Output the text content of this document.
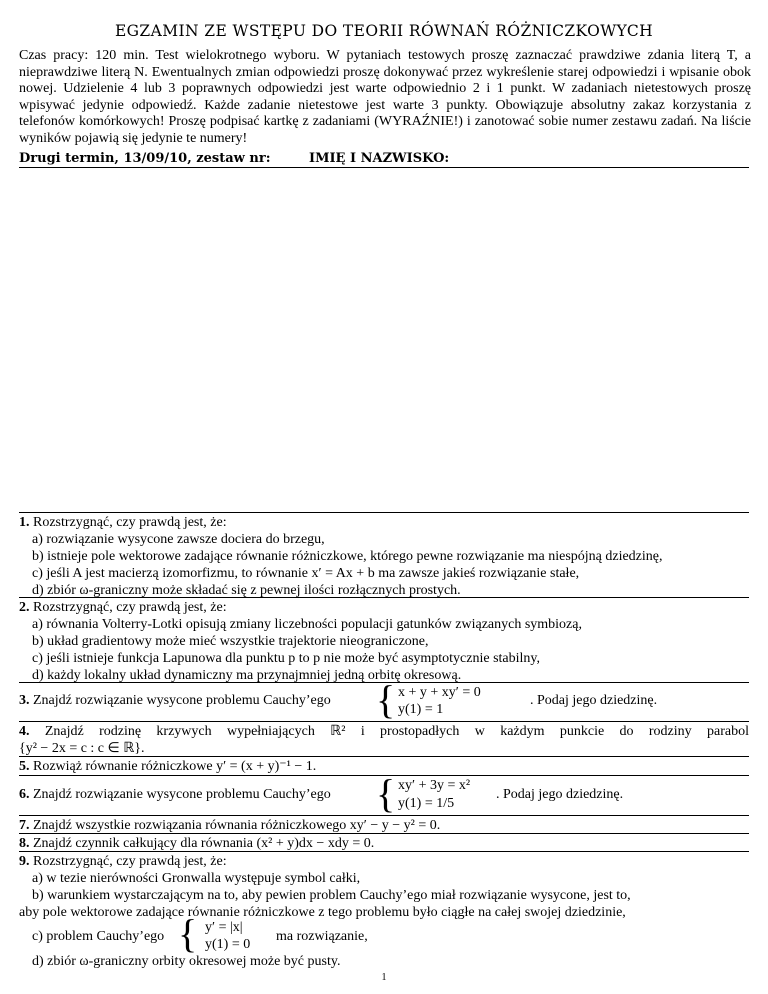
EGZAMIN ZE WSTĘPU DO TEORII RÓWNAŃ RÓŻNICZKOWYCH
Czas pracy: 120 min. Test wielokrotnego wyboru. W pytaniach testowych proszę zaznaczać prawdziwe zdania literą T, a nieprawdziwe literą N. Ewentualnych zmian odpowiedzi proszę dokonywać przez wykreślenie starej odpowiedzi i wpisanie obok nowej. Udzielenie 4 lub 3 poprawnych odpowiedzi jest warte odpowiednio 2 i 1 punkt. W zadaniach nietestowych proszę wpisywać jedynie odpowiedź. Każde zadanie nietestowe jest warte 3 punkty. Obowiązuje absolutny zakaz korzystania z telefonów komórkowych! Proszę podpisać kartkę z zadaniami (WYRAŹNIE!) i zanotować sobie numer zestawu zadań. Na liście wyników pojawią się jedynie te numery!
Drugi termin, 13/09/10, zestaw nr:	IMIĘ I NAZWISKO:
1. Rozstrzygnąć, czy prawdą jest, że:
a) rozwiązanie wysycone zawsze dociera do brzegu,
b) istnieje pole wektorowe zadające równanie różniczkowe, którego pewne rozwiązanie ma niespójną dziedzinę,
c) jeśli A jest macierzą izomorfizmu, to równanie x′ = Ax + b ma zawsze jakieś rozwiązanie stałe,
d) zbiór ω-graniczny może składać się z pewnej ilości rozłącznych prostych.
2. Rozstrzygnąć, czy prawdą jest, że:
a) równania Volterry-Lotki opisują zmiany liczebności populacji gatunków związanych symbiozą,
b) układ gradientowy może mieć wszystkie trajektorie nieograniczone,
c) jeśli istnieje funkcja Lapunowa dla punktu p to p nie może być asymptotycznie stabilny,
d) każdy lokalny układ dynamiczny ma przynajmniej jedną orbitę okresową.
3. Znajdź rozwiązanie wysycone problemu Cauchy’ego { x + y + xy′ = 0
y(1) = 1
. Podaj jego dziedzinę.
4. Znajdź rodzinę krzywych wypełniających ℝ² i prostopadłych w każdym punkcie do rodziny parabol
{y² − 2x = c : c ∈ ℝ}.
5. Rozwiąż równanie różniczkowe y′ = (x + y)⁻¹ − 1.
6. Znajdź rozwiązanie wysycone problemu Cauchy’ego { xy′ + 3y = x²
y(1) = 1/5
. Podaj jego dziedzinę.
7. Znajdź wszystkie rozwiązania równania różniczkowego xy′ − y − y² = 0.
8. Znajdź czynnik całkujący dla równania (x² + y)dx − xdy = 0.
9. Rozstrzygnąć, czy prawdą jest, że:
a) w tezie nierówności Gronwalla występuje symbol całki,
b) warunkiem wystarczającym na to, aby pewien problem Cauchy’ego miał rozwiązanie wysycone, jest to,
aby pole wektorowe zadające równanie różniczkowe z tego problemu było ciągłe na całej swojej dziedzinie,
c) problem Cauchy’ego { y′ = |x|
y(1) = 0
ma rozwiązanie,
d) zbiór ω-graniczny orbity okresowej może być pusty.
1
